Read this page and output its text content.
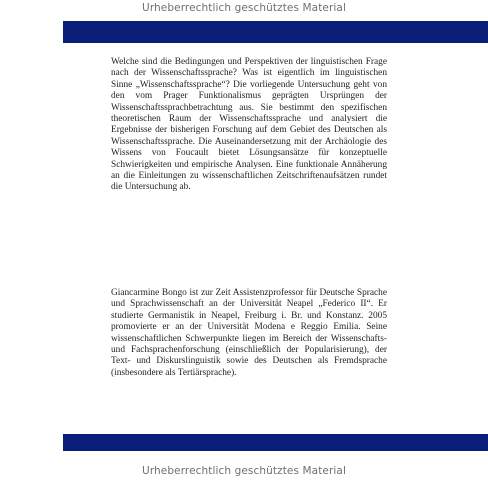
Urheberrechtlich geschütztes Material

Welche sind die Bedingungen und Perspektiven der linguistischen Frage nach der Wissenschaftssprache? Was ist eigentlich im linguistischen Sinne „Wissenschaftssprache“? Die vorliegende Untersuchung geht von den vom Prager Funktionalismus geprägten Ursprüngen der Wissenschaftssprachbetrachtung aus. Sie bestimmt den spezifischen theoretischen Raum der Wissenschaftssprache und analysiert die Ergebnisse der bisherigen Forschung auf dem Gebiet des Deutschen als Wissenschaftssprache. Die Auseinandersetzung mit der Archäologie des Wissens von Foucault bietet Lösungsansätze für konzeptuelle Schwierigkeiten und empirische Analysen. Eine funktionale Annäherung an die Einleitungen zu wissenschaftlichen Zeitschriftenaufsätzen rundet die Untersuchung ab.

Giancarmine Bongo ist zur Zeit Assistenzprofessor für Deutsche Sprache und Sprachwissenschaft an der Universität Neapel „Federico II“. Er studierte Germanistik in Neapel, Freiburg i. Br. und Konstanz. 2005 promovierte er an der Universität Modena e Reggio Emilia. Seine wissenschaftlichen Schwerpunkte liegen im Bereich der Wissenschafts- und Fachsprachenforschung (einschließlich der Popularisierung), der Text- und Diskurslinguistik sowie des Deutschen als Fremdsprache (insbesondere als Tertiärsprache).

Urheberrechtlich geschütztes Material
